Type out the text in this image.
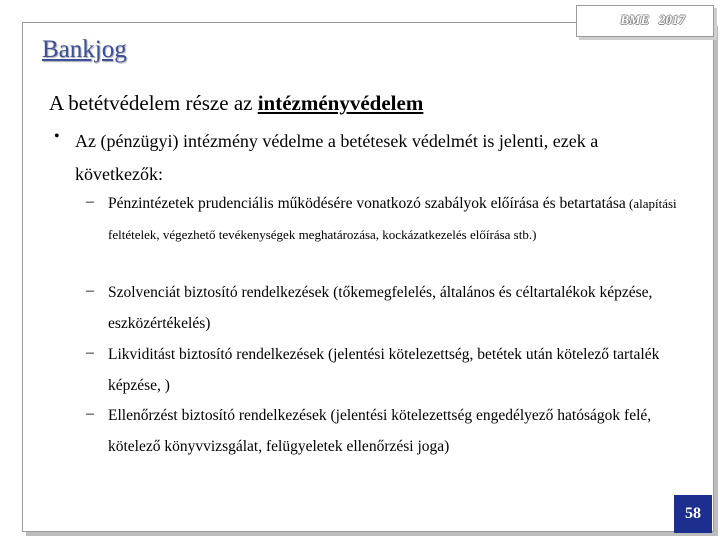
BME   2017
Bankjog
A betétvédelem része az intézményvédelem
• Az (pénzügyi) intézmény védelme a betétesek védelmét is jelenti, ezek a következők:
– Pénzintézetek prudenciális működésére vonatkozó szabályok előírása és betartatása (alapítási feltételek, végezhető tevékenységek meghatározása, kockázatkezelés előírása stb.)
– Szolvenciát biztosító rendelkezések (tőkemegfelelés, általános és céltartalékok képzése, eszközértékelés)
– Likviditást biztosító rendelkezések (jelentési kötelezettség, betétek után kötelező tartalék képzése, )
– Ellenőrzést biztosító rendelkezések (jelentési kötelezettség engedélyező hatóságok felé, kötelező könyvvizsgálat, felügyeletek ellenőrzési joga)
58
